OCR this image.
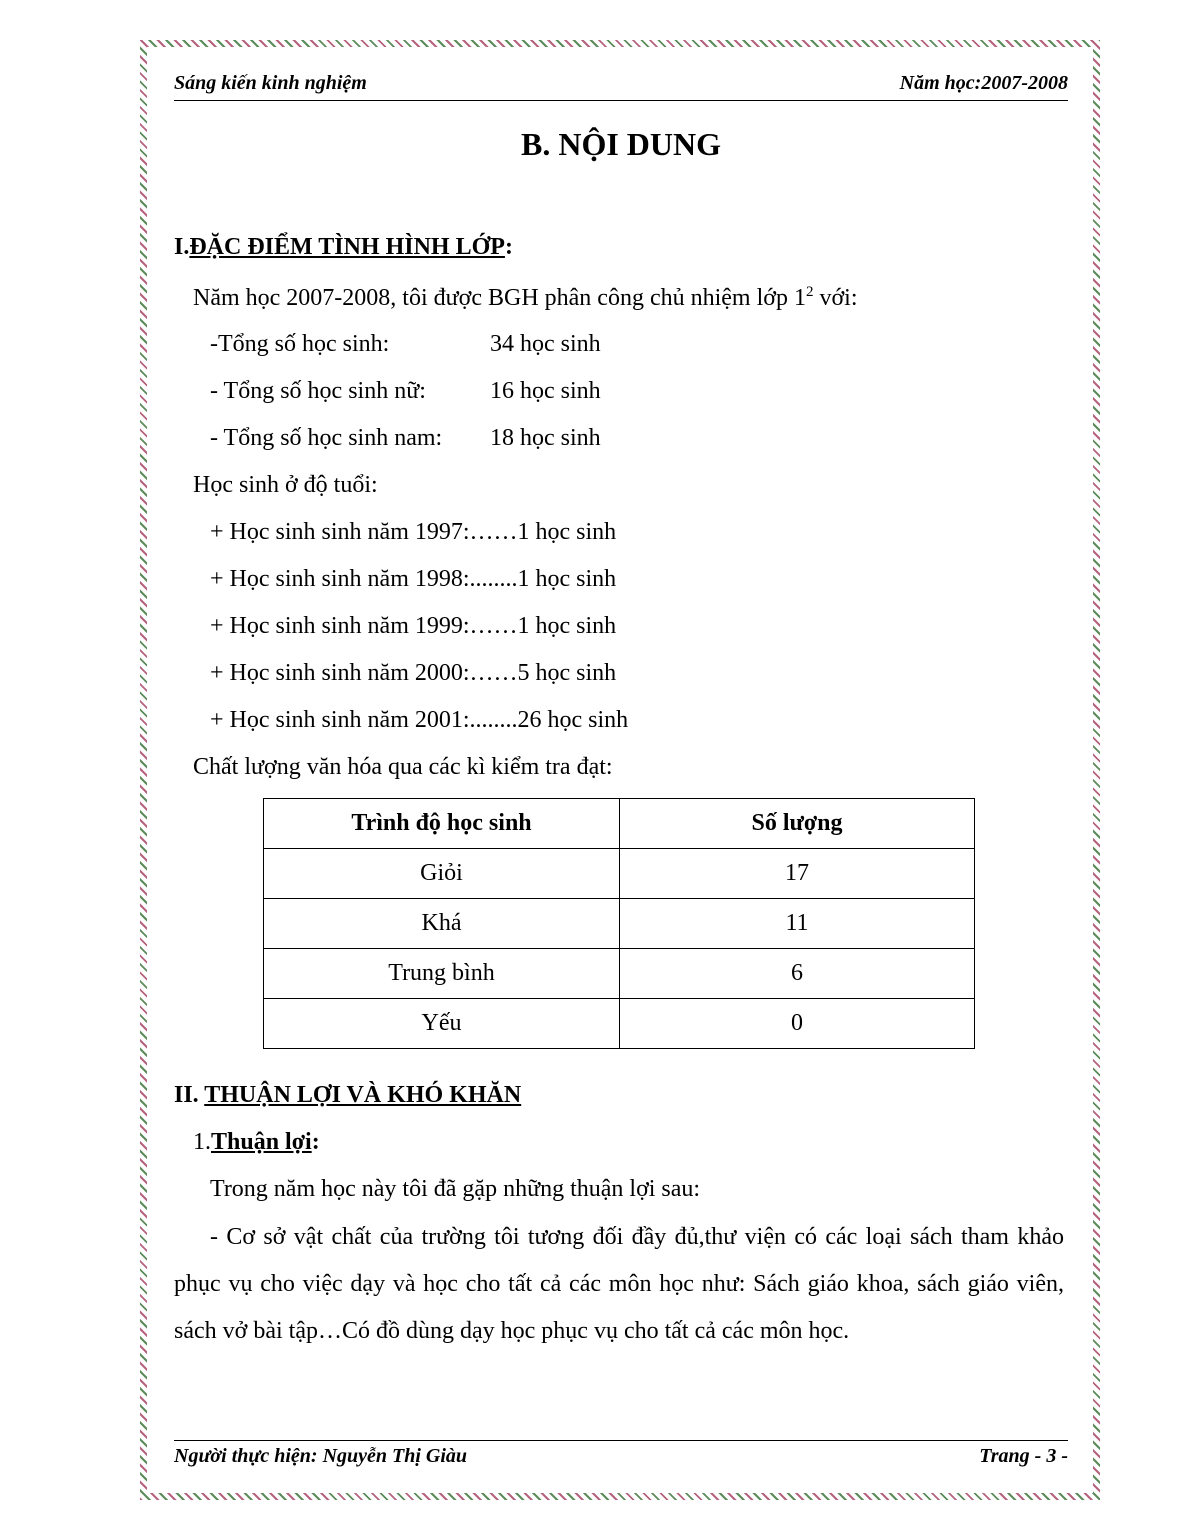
Sáng kiến kinh nghiệm	Năm học:2007-2008
B. NỘI DUNG
I.ĐẶC ĐIỂM TÌNH HÌNH LỚP:
Năm học 2007-2008, tôi được BGH phân công chủ nhiệm lớp $1^2$ với:
-Tổng số học sinh:	34 học sinh
- Tổng số học sinh nữ:	16 học sinh
- Tổng số học sinh nam: 18 học sinh
Học sinh ở độ tuổi:
+ Học sinh sinh năm 1997:……1 học sinh
+ Học sinh sinh năm 1998:........1 học sinh
+ Học sinh sinh năm 1999:……1 học sinh
+ Học sinh sinh năm 2000:……5 học sinh
+ Học sinh sinh năm 2001:........26 học sinh
Chất lượng văn hóa qua các kì kiểm tra đạt:
Trình độ học sinh	Số lượng
Giỏi	17
Khá	11
Trung bình	6
Yếu	0
II. THUẬN LỢI VÀ KHÓ KHĂN
1.Thuận lợi:
Trong năm học này tôi đã gặp những thuận lợi sau:
- Cơ sở vật chất của trường tôi tương đối đầy đủ,thư viện có các loại sách tham khảo phục vụ cho việc dạy và học cho tất cả các môn học như: Sách giáo khoa, sách giáo viên, sách vở bài tập…Có đồ dùng dạy học phục vụ cho tất cả các môn học.
Người thực hiện: Nguyễn Thị Giàu	Trang - 3 -
